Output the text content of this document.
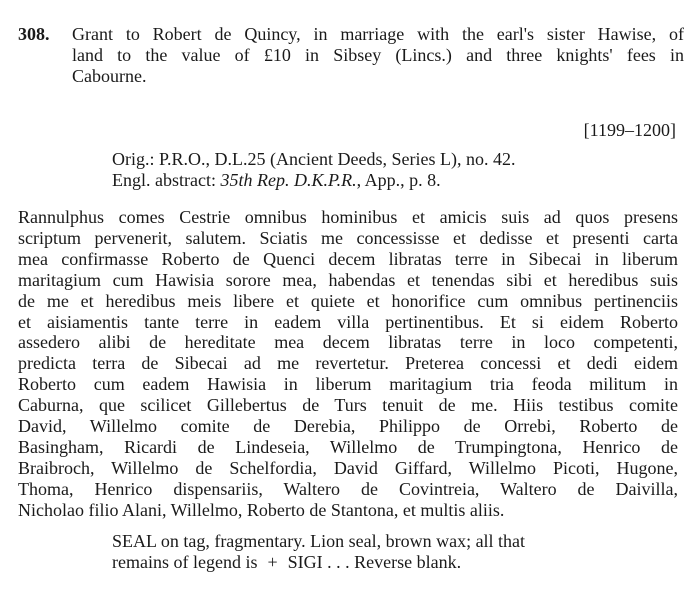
308. Grant to Robert de Quincy, in marriage with the earl's sister Hawise, of
land to the value of £10 in Sibsey (Lincs.) and three knights' fees in
Cabourne.
[1199–1200]
Orig.: P.R.O., D.L.25 (Ancient Deeds, Series L), no. 42.
Engl. abstract: 35th Rep. D.K.P.R., App., p. 8.
Rannulphus comes Cestrie omnibus hominibus et amicis suis ad quos presens
scriptum pervenerit, salutem. Sciatis me concessisse et dedisse et presenti carta
mea confirmasse Roberto de Quenci decem libratas terre in Sibecai in liberum
maritagium cum Hawisia sorore mea, habendas et tenendas sibi et heredibus suis
de me et heredibus meis libere et quiete et honorifice cum omnibus pertinenciis
et aisiamentis tante terre in eadem villa pertinentibus. Et si eidem Roberto
assedero alibi de hereditate mea decem libratas terre in loco competenti,
predicta terra de Sibecai ad me revertetur. Preterea concessi et dedi eidem
Roberto cum eadem Hawisia in liberum maritagium tria feoda militum in
Caburna, que scilicet Gillebertus de Turs tenuit de me. Hiis testibus comite
David, Willelmo comite de Derebia, Philippo de Orrebi, Roberto de
Basingham, Ricardi de Lindeseia, Willelmo de Trumpingtona, Henrico de
Braibroch, Willelmo de Schelfordia, David Giffard, Willelmo Picoti, Hugone,
Thoma, Henrico dispensariis, Waltero de Covintreia, Waltero de Daivilla,
Nicholao filio Alani, Willelmo, Roberto de Stantona, et multis aliis.
SEAL on tag, fragmentary. Lion seal, brown wax; all that
remains of legend is + SIGI . . . Reverse blank.
